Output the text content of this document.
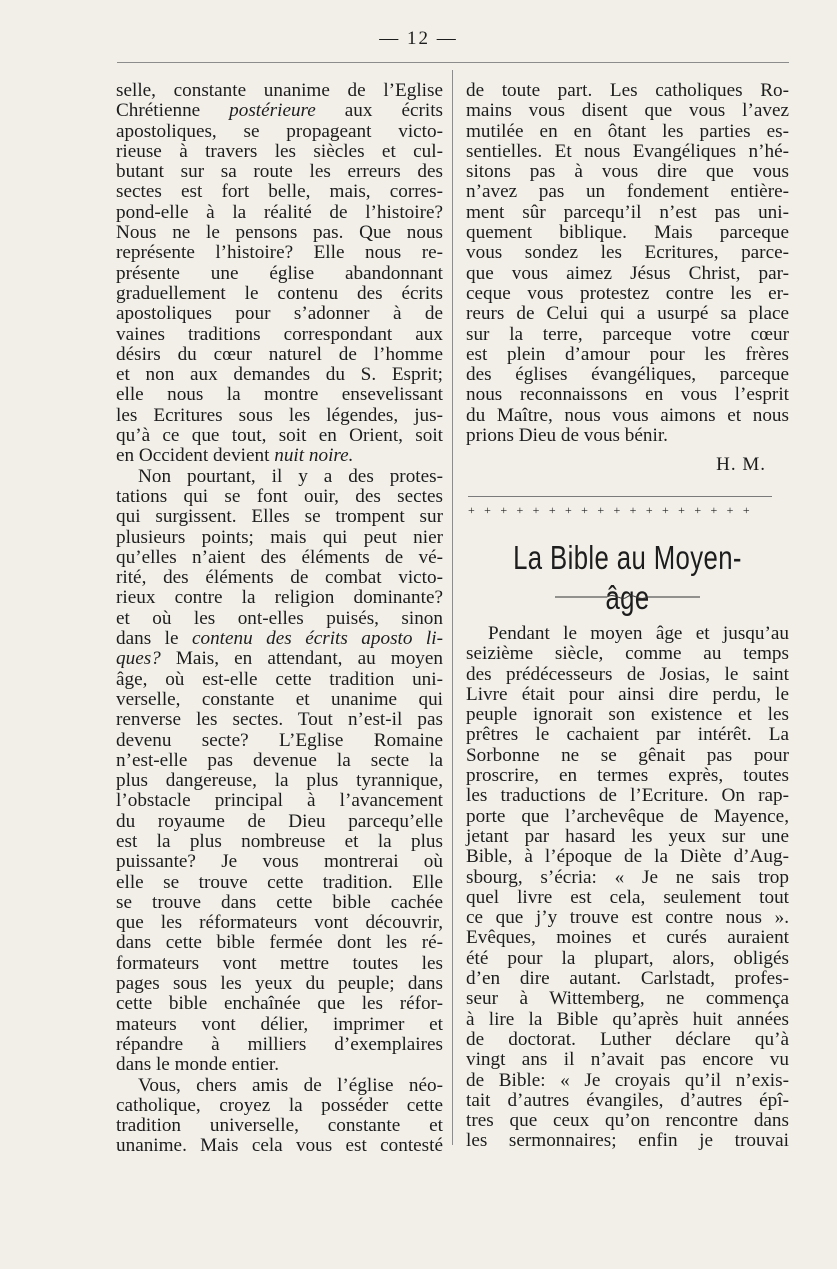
— 12 —
selle, constante unanime de l’Eglise
Chrétienne postérieure aux écrits
apostoliques, se propageant victo-
rieuse à travers les siècles et cul-
butant sur sa route les erreurs des
sectes est fort belle, mais, corres-
pond-elle à la réalité de l’histoire?
Nous ne le pensons pas. Que nous
représente l’histoire? Elle nous re-
présente une église abandonnant
graduellement le contenu des écrits
apostoliques pour s’adonner à de
vaines traditions correspondant aux
désirs du cœur naturel de l’homme
et non aux demandes du S. Esprit;
elle nous la montre ensevelissant
les Ecritures sous les légendes, jus-
qu’à ce que tout, soit en Orient, soit
en Occident devient nuit noire.
Non pourtant, il y a des protes-
tations qui se font ouir, des sectes
qui surgissent. Elles se trompent sur
plusieurs points; mais qui peut nier
qu’elles n’aient des éléments de vé-
rité, des éléments de combat victo-
rieux contre la religion dominante?
et où les ont-elles puisés, sinon
dans le contenu des écrits aposto li-
ques? Mais, en attendant, au moyen
âge, où est-elle cette tradition uni-
verselle, constante et unanime qui
renverse les sectes. Tout n’est-il pas
devenu secte? L’Eglise Romaine
n’est-elle pas devenue la secte la
plus dangereuse, la plus tyrannique,
l’obstacle principal à l’avancement
du royaume de Dieu parcequ’elle
est la plus nombreuse et la plus
puissante? Je vous montrerai où
elle se trouve cette tradition. Elle
se trouve dans cette bible cachée
que les réformateurs vont découvrir,
dans cette bible fermée dont les ré-
formateurs vont mettre toutes les
pages sous les yeux du peuple; dans
cette bible enchaînée que les réfor-
mateurs vont délier, imprimer et
répandre à milliers d’exemplaires
dans le monde entier.
Vous, chers amis de l’église néo-
catholique, croyez la posséder cette
tradition universelle, constante et
unanime. Mais cela vous est contesté
de toute part. Les catholiques Ro-
mains vous disent que vous l’avez
mutilée en en ôtant les parties es-
sentielles. Et nous Evangéliques n’hé-
sitons pas à vous dire que vous
n’avez pas un fondement entière-
ment sûr parcequ’il n’est pas uni-
quement biblique. Mais parceque
vous sondez les Ecritures, parce-
que vous aimez Jésus Christ, par-
ceque vous protestez contre les er-
reurs de Celui qui a usurpé sa place
sur la terre, parceque votre cœur
est plein d’amour pour les frères
des églises évangéliques, parceque
nous reconnaissons en vous l’esprit
du Maître, nous vous aimons et nous
prions Dieu de vous bénir.
H. M.
+ + + + + + + + + + + + + + + + + +
La Bible au Moyen-âge
Pendant le moyen âge et jusqu’au
seizième siècle, comme au temps
des prédécesseurs de Josias, le saint
Livre était pour ainsi dire perdu, le
peuple ignorait son existence et les
prêtres le cachaient par intérêt. La
Sorbonne ne se gênait pas pour
proscrire, en termes exprès, toutes
les traductions de l’Ecriture. On rap-
porte que l’archevêque de Mayence,
jetant par hasard les yeux sur une
Bible, à l’époque de la Diète d’Aug-
sbourg, s’écria: « Je ne sais trop
quel livre est cela, seulement tout
ce que j’y trouve est contre nous ».
Evêques, moines et curés auraient
été pour la plupart, alors, obligés
d’en dire autant. Carlstadt, profes-
seur à Wittemberg, ne commença
à lire la Bible qu’après huit années
de doctorat. Luther déclare qu’à
vingt ans il n’avait pas encore vu
de Bible: « Je croyais qu’il n’exis-
tait d’autres évangiles, d’autres épî-
tres que ceux qu’on rencontre dans
les sermonnaires; enfin je trouvai
